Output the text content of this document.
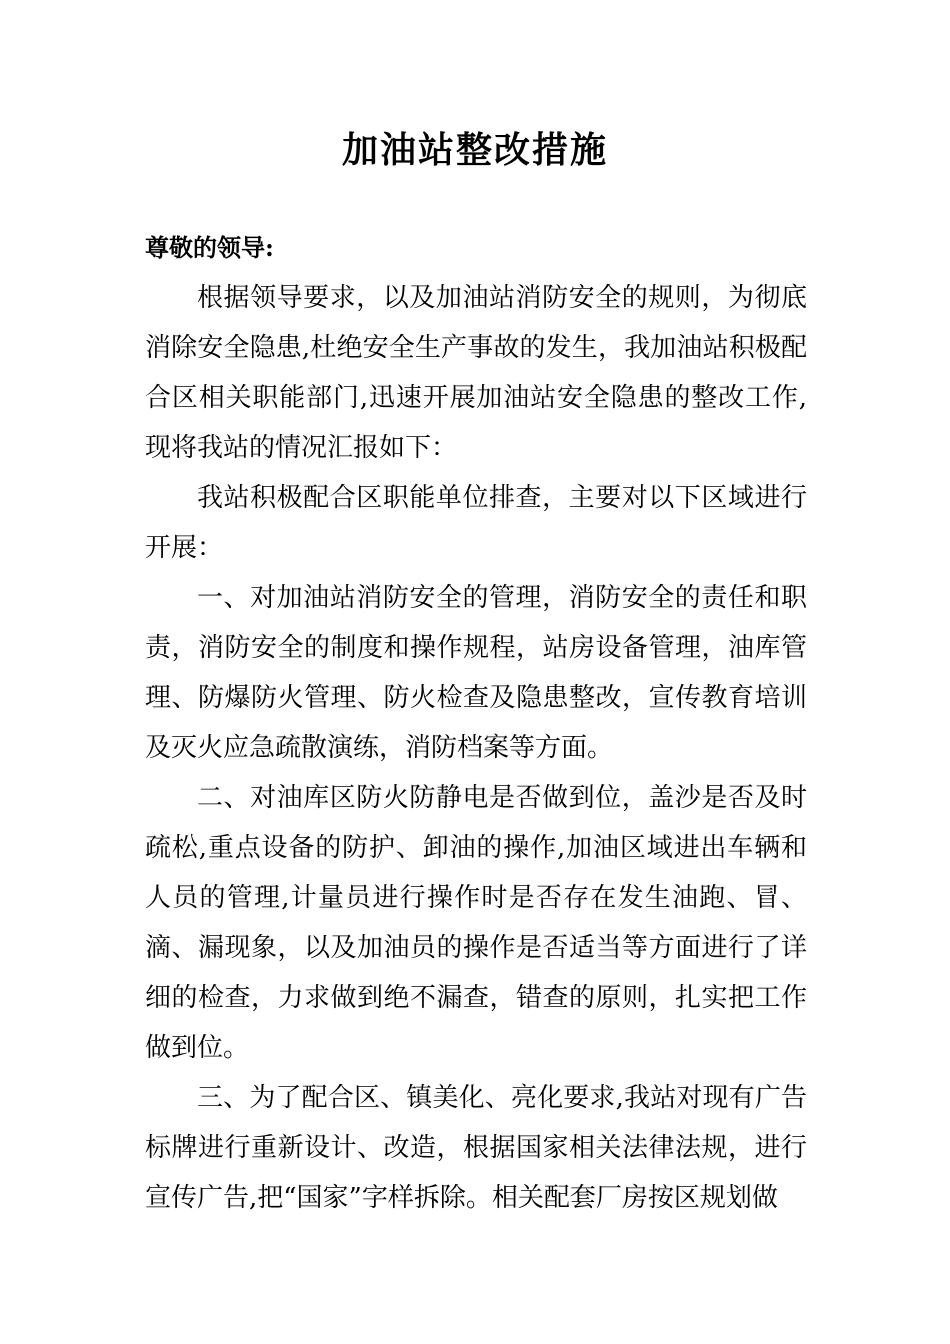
加油站整改措施

尊敬的领导:

根据领导要求，以及加油站消防安全的规则，为彻底消除安全隐患,杜绝安全生产事故的发生，我加油站积极配合区相关职能部门,迅速开展加油站安全隐患的整改工作,现将我站的情况汇报如下：

我站积极配合区职能单位排查，主要对以下区域进行开展：

一、对加油站消防安全的管理，消防安全的责任和职责，消防安全的制度和操作规程，站房设备管理，油库管理、防爆防火管理、防火检查及隐患整改，宣传教育培训及灭火应急疏散演练，消防档案等方面。

二、对油库区防火防静电是否做到位，盖沙是否及时疏松,重点设备的防护、卸油的操作,加油区域进出车辆和人员的管理,计量员进行操作时是否存在发生油跑、冒、滴、漏现象，以及加油员的操作是否适当等方面进行了详细的检查，力求做到绝不漏查，错查的原则，扎实把工作做到位。

三、为了配合区、镇美化、亮化要求,我站对现有广告标牌进行重新设计、改造，根据国家相关法律法规，进行宣传广告,把“国家”字样拆除。相关配套厂房按区规划做
